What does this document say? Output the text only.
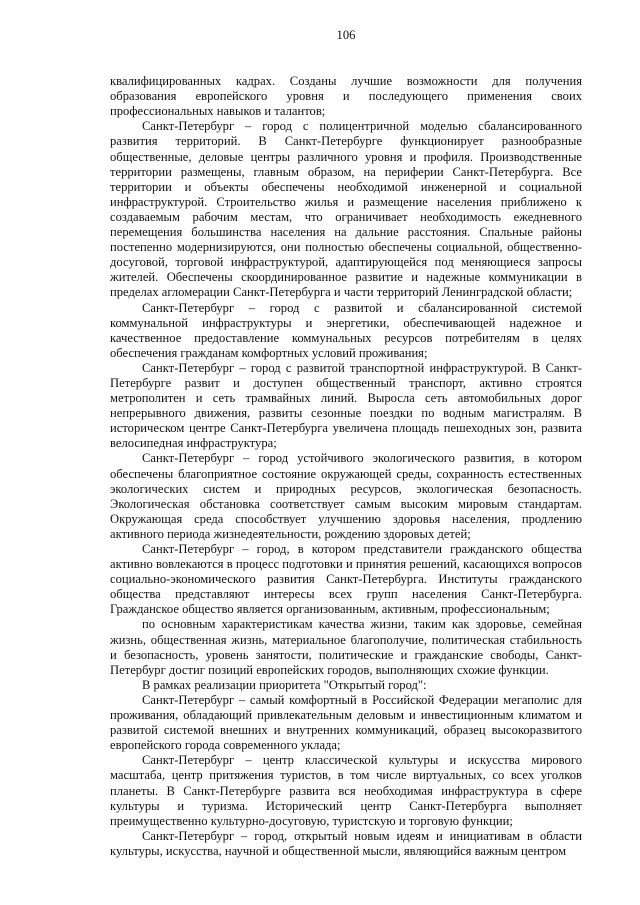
106

квалифицированных кадрах. Созданы лучшие возможности для получения образования европейского уровня и последующего применения своих профессиональных навыков и талантов;

Санкт-Петербург – город с полицентричной моделью сбалансированного развития территорий. В Санкт-Петербурге функционирует разнообразные общественные, деловые центры различного уровня и профиля. Производственные территории размещены, главным образом, на периферии Санкт-Петербурга. Все территории и объекты обеспечены необходимой инженерной и социальной инфраструктурой. Строительство жилья и размещение населения приближено к создаваемым рабочим местам, что ограничивает необходимость ежедневного перемещения большинства населения на дальние расстояния. Спальные районы постепенно модернизируются, они полностью обеспечены социальной, общественно-досуговой, торговой инфраструктурой, адаптирующейся под меняющиеся запросы жителей. Обеспечены скоординированное развитие и надежные коммуникации в пределах агломерации Санкт-Петербурга и части территорий Ленинградской области;

Санкт-Петербург – город с развитой и сбалансированной системой коммунальной инфраструктуры и энергетики, обеспечивающей надежное и качественное предоставление коммунальных ресурсов потребителям в целях обеспечения гражданам комфортных условий проживания;

Санкт-Петербург – город с развитой транспортной инфраструктурой. В Санкт-Петербурге развит и доступен общественный транспорт, активно строятся метрополитен и сеть трамвайных линий. Выросла сеть автомобильных дорог непрерывного движения, развиты сезонные поездки по водным магистралям. В историческом центре Санкт-Петербурга увеличена площадь пешеходных зон, развита велосипедная инфраструктура;

Санкт-Петербург – город устойчивого экологического развития, в котором обеспечены благоприятное состояние окружающей среды, сохранность естественных экологических систем и природных ресурсов, экологическая безопасность. Экологическая обстановка соответствует самым высоким мировым стандартам. Окружающая среда способствует улучшению здоровья населения, продлению активного периода жизнедеятельности, рождению здоровых детей;

Санкт-Петербург – город, в котором представители гражданского общества активно вовлекаются в процесс подготовки и принятия решений, касающихся вопросов социально-экономического развития Санкт-Петербурга. Институты гражданского общества представляют интересы всех групп населения Санкт-Петербурга. Гражданское общество является организованным, активным, профессиональным;

по основным характеристикам качества жизни, таким как здоровье, семейная жизнь, общественная жизнь, материальное благополучие, политическая стабильность и безопасность, уровень занятости, политические и гражданские свободы, Санкт-Петербург достиг позиций европейских городов, выполняющих схожие функции.

В рамках реализации приоритета "Открытый город":

Санкт-Петербург – самый комфортный в Российской Федерации мегаполис для проживания, обладающий привлекательным деловым и инвестиционным климатом и развитой системой внешних и внутренних коммуникаций, образец высокоразвитого европейского города современного уклада;

Санкт-Петербург – центр классической культуры и искусства мирового масштаба, центр притяжения туристов, в том числе виртуальных, со всех уголков планеты. В Санкт-Петербурге развита вся необходимая инфраструктура в сфере культуры и туризма. Исторический центр Санкт-Петербурга выполняет преимущественно культурно-досуговую, туристскую и торговую функции;

Санкт-Петербург – город, открытый новым идеям и инициативам в области культуры, искусства, научной и общественной мысли, являющийся важным центром
